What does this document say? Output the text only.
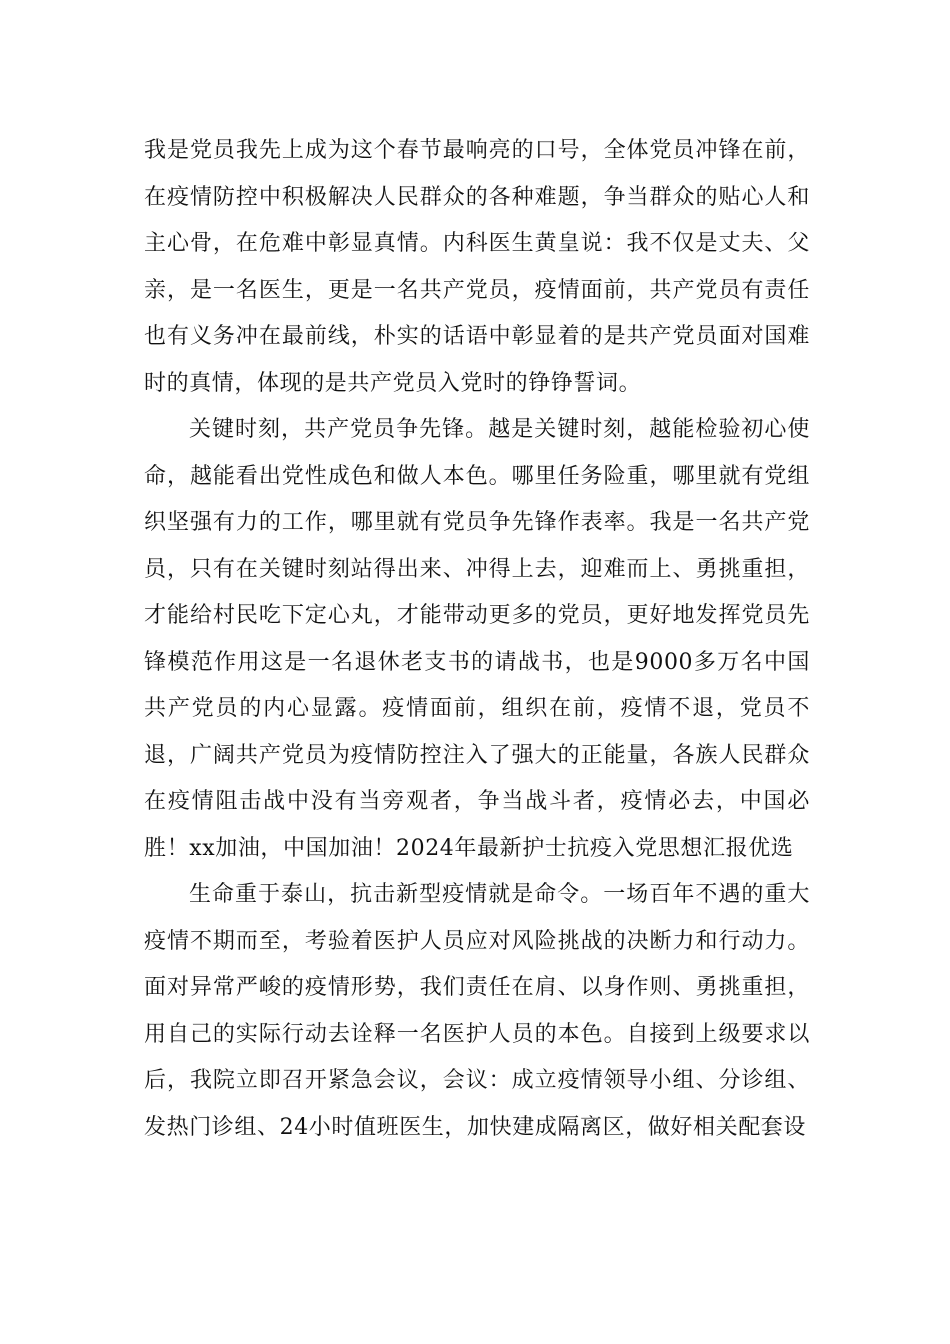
我是党员我先上成为这个春节最响亮的口号，全体党员冲锋在前，在疫情防控中积极解决人民群众的各种难题，争当群众的贴心人和主心骨，在危难中彰显真情。内科医生黄皇说：我不仅是丈夫、父亲，是一名医生，更是一名共产党员，疫情面前，共产党员有责任也有义务冲在最前线，朴实的话语中彰显着的是共产党员面对国难时的真情，体现的是共产党员入党时的铮铮誓词。

关键时刻，共产党员争先锋。越是关键时刻，越能检验初心使命，越能看出党性成色和做人本色。哪里任务险重，哪里就有党组织坚强有力的工作，哪里就有党员争先锋作表率。我是一名共产党员，只有在关键时刻站得出来、冲得上去，迎难而上、勇挑重担，才能给村民吃下定心丸，才能带动更多的党员，更好地发挥党员先锋模范作用这是一名退休老支书的请战书，也是9000多万名中国共产党员的内心显露。疫情面前，组织在前，疫情不退，党员不退，广阔共产党员为疫情防控注入了强大的正能量，各族人民群众在疫情阻击战中没有当旁观者，争当战斗者，疫情必去，中国必胜！xx加油，中国加油！2024年最新护士抗疫入党思想汇报优选

生命重于泰山，抗击新型疫情就是命令。一场百年不遇的重大疫情不期而至，考验着医护人员应对风险挑战的决断力和行动力。面对异常严峻的疫情形势，我们责任在肩、以身作则、勇挑重担，用自己的实际行动去诠释一名医护人员的本色。自接到上级要求以后，我院立即召开紧急会议，会议：成立疫情领导小组、分诊组、发热门诊组、24小时值班医生，加快建成隔离区，做好相关配套设
